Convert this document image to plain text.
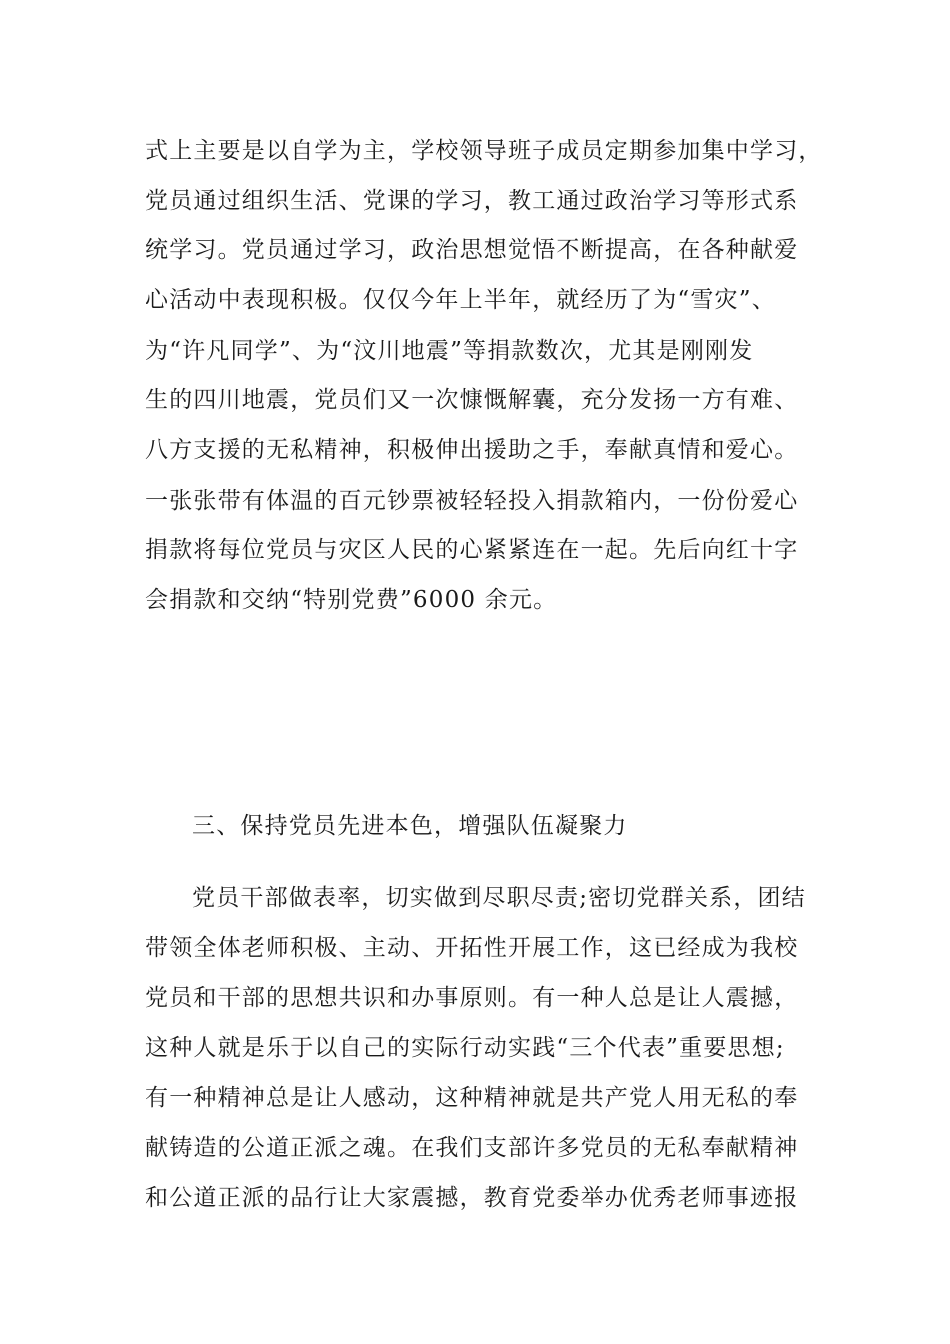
式上主要是以自学为主，学校领导班子成员定期参加集中学习，
党员通过组织生活、党课的学习，教工通过政治学习等形式系
统学习。党员通过学习，政治思想觉悟不断提高，在各种献爱
心活动中表现积极。仅仅今年上半年，就经历了为“雪灾”、
为“许凡同学”、为“汶川地震”等捐款数次，尤其是刚刚发
生的四川地震，党员们又一次慷慨解囊，充分发扬一方有难、
八方支援的无私精神，积极伸出援助之手，奉献真情和爱心。
一张张带有体温的百元钞票被轻轻投入捐款箱内，一份份爱心
捐款将每位党员与灾区人民的心紧紧连在一起。先后向红十字
会捐款和交纳“特别党费”6000 余元。
三、保持党员先进本色，增强队伍凝聚力
党员干部做表率，切实做到尽职尽责;密切党群关系，团结
带领全体老师积极、主动、开拓性开展工作，这已经成为我校
党员和干部的思想共识和办事原则。有一种人总是让人震撼，
这种人就是乐于以自己的实际行动实践“三个代表”重要思想;
有一种精神总是让人感动，这种精神就是共产党人用无私的奉
献铸造的公道正派之魂。在我们支部许多党员的无私奉献精神
和公道正派的品行让大家震撼，教育党委举办优秀老师事迹报
